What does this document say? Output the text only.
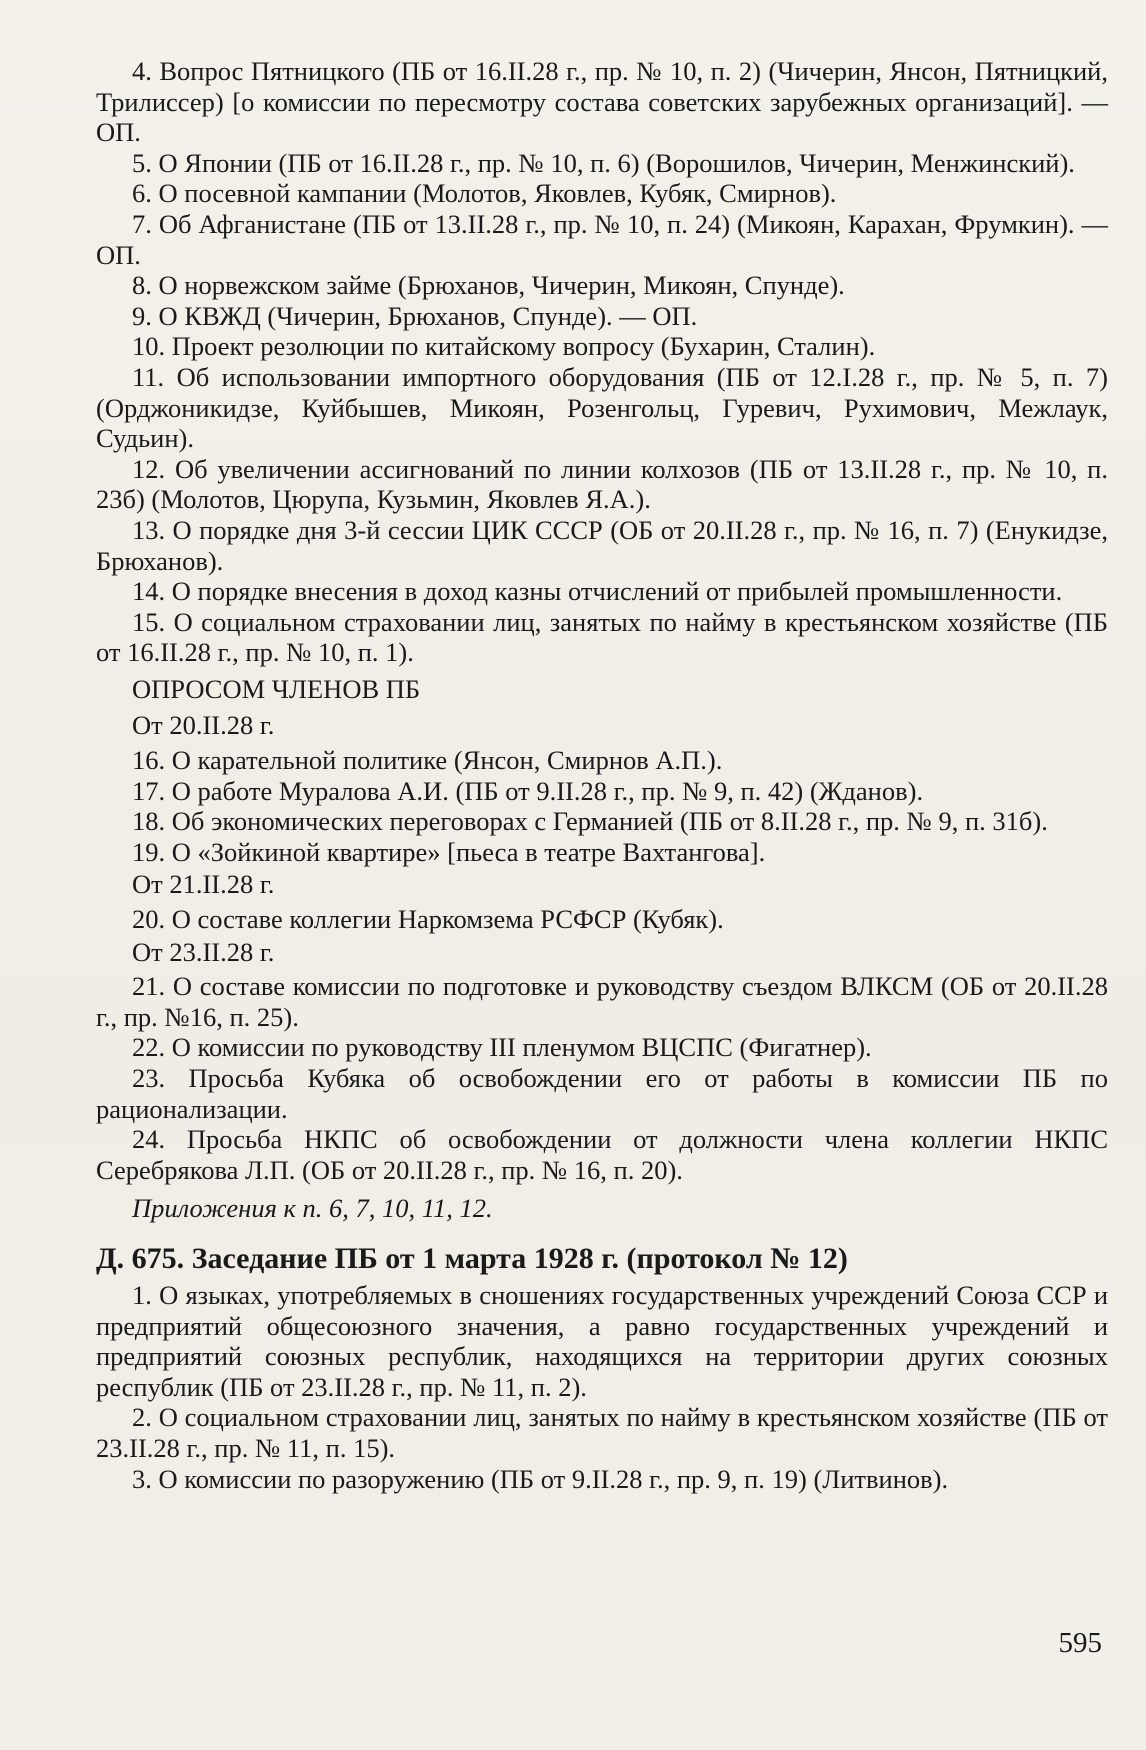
4. Вопрос Пятницкого (ПБ от 16.II.28 г., пр. № 10, п. 2) (Чичерин, Янсон, Пятницкий, Трилиссер) [о комиссии по пересмотру состава советских зарубежных организаций]. — ОП.

5. О Японии (ПБ от 16.II.28 г., пр. № 10, п. 6) (Ворошилов, Чичерин, Менжинский).

6. О посевной кампании (Молотов, Яковлев, Кубяк, Смирнов).

7. Об Афганистане (ПБ от 13.II.28 г., пр. № 10, п. 24) (Микоян, Карахан, Фрумкин). — ОП.

8. О норвежском займе (Брюханов, Чичерин, Микоян, Спунде).

9. О КВЖД (Чичерин, Брюханов, Спунде). — ОП.

10. Проект резолюции по китайскому вопросу (Бухарин, Сталин).

11. Об использовании импортного оборудования (ПБ от 12.I.28 г., пр. № 5, п. 7) (Орджоникидзе, Куйбышев, Микоян, Розенгольц, Гуревич, Рухимович, Межлаук, Судьин).

12. Об увеличении ассигнований по линии колхозов (ПБ от 13.II.28 г., пр. № 10, п. 23б) (Молотов, Цюрупа, Кузьмин, Яковлев Я.А.).

13. О порядке дня 3-й сессии ЦИК СССР (ОБ от 20.II.28 г., пр. № 16, п. 7) (Енукидзе, Брюханов).

14. О порядке внесения в доход казны отчислений от прибылей промышленности.

15. О социальном страховании лиц, занятых по найму в крестьянском хозяйстве (ПБ от 16.II.28 г., пр. № 10, п. 1).

ОПРОСОМ ЧЛЕНОВ ПБ

От 20.II.28 г.

16. О карательной политике (Янсон, Смирнов А.П.).

17. О работе Муралова А.И. (ПБ от 9.II.28 г., пр. № 9, п. 42) (Жданов).

18. Об экономических переговорах с Германией (ПБ от 8.II.28 г., пр. № 9, п. 31б).

19. О «Зойкиной квартире» [пьеса в театре Вахтангова].

От 21.II.28 г.

20. О составе коллегии Наркомзема РСФСР (Кубяк).

От 23.II.28 г.

21. О составе комиссии по подготовке и руководству съездом ВЛКСМ (ОБ от 20.II.28 г., пр. №16, п. 25).

22. О комиссии по руководству III пленумом ВЦСПС (Фигатнер).

23. Просьба Кубяка об освобождении его от работы в комиссии ПБ по рационализации.

24. Просьба НКПС об освобождении от должности члена коллегии НКПС Серебрякова Л.П. (ОБ от 20.II.28 г., пр. № 16, п. 20).

Приложения к п. 6, 7, 10, 11, 12.

Д. 675. Заседание ПБ от 1 марта 1928 г. (протокол № 12)

1. О языках, употребляемых в сношениях государственных учреждений Союза ССР и предприятий общесоюзного значения, а равно государственных учреждений и предприятий союзных республик, находящихся на территории других союзных республик (ПБ от 23.II.28 г., пр. № 11, п. 2).

2. О социальном страховании лиц, занятых по найму в крестьянском хозяйстве (ПБ от 23.II.28 г., пр. № 11, п. 15).

3. О комиссии по разоружению (ПБ от 9.II.28 г., пр. 9, п. 19) (Литвинов).

595
